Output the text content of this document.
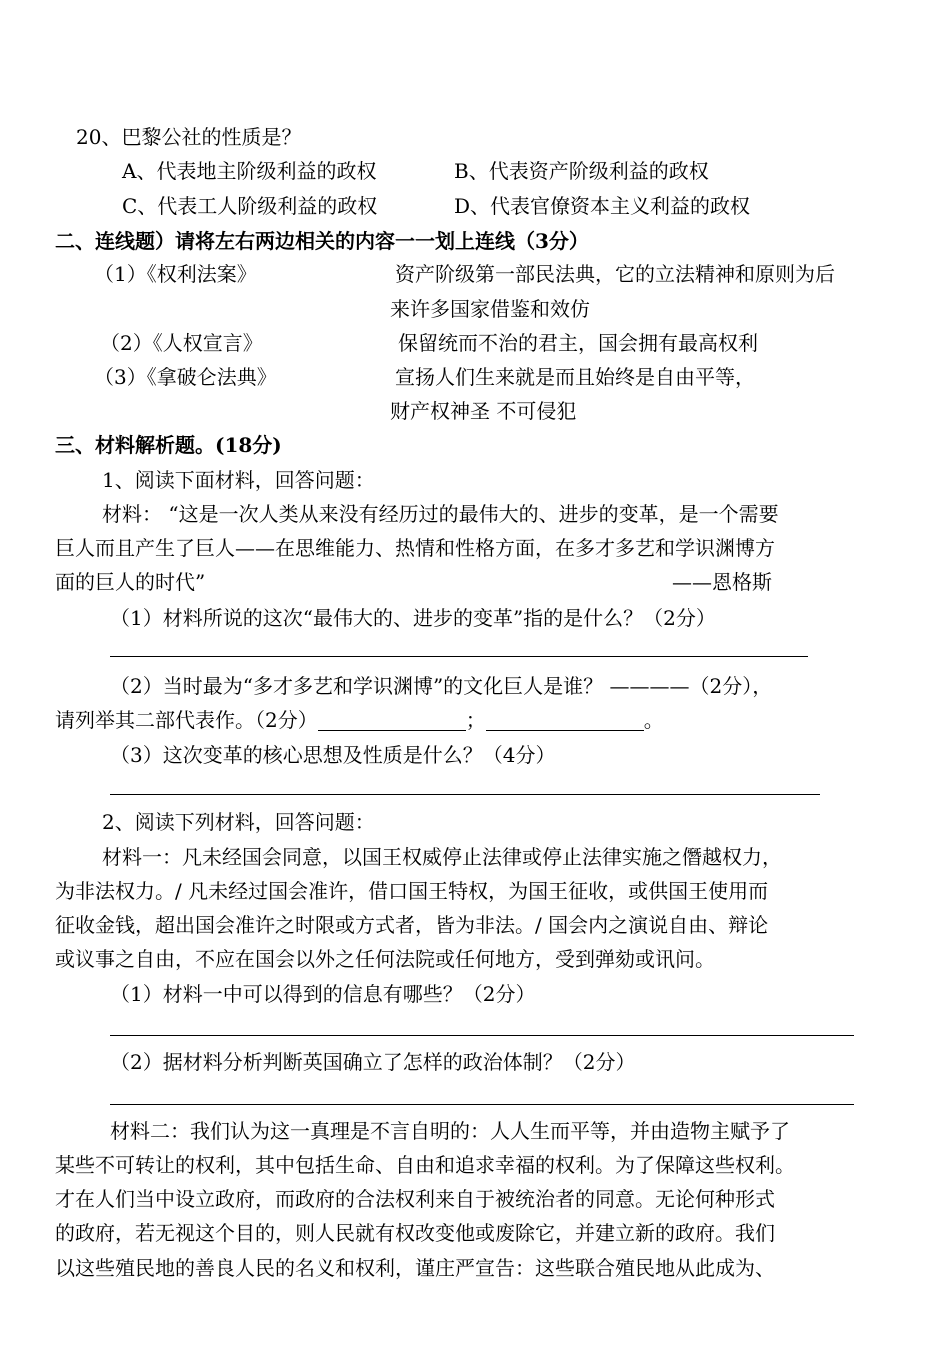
20、巴黎公社的性质是？
A、代表地主阶级利益的政权	B、代表资产阶级利益的政权
C、代表工人阶级利益的政权	D、代表官僚资本主义利益的政权
二、连线题）请将左右两边相关的内容一一划上连线（3分）
（1）《权利法案》	资产阶级第一部民法典，它的立法精神和原则为后
来许多国家借鉴和效仿
（2）《人权宣言》	保留统而不治的君主，国会拥有最高权利
（3）《拿破仑法典》	宣扬人们生来就是而且始终是自由平等，
财产权神圣 不可侵犯
三、材料解析题。(18分)
1、阅读下面材料，回答问题：
材料： “这是一次人类从来没有经历过的最伟大的、进步的变革，是一个需要
巨人而且产生了巨人——在思维能力、热情和性格方面，在多才多艺和学识渊博方
面的巨人的时代”	——恩格斯
（1）材料所说的这次“最伟大的、进步的变革”指的是什么？（2分）
（2）当时最为“多才多艺和学识渊博”的文化巨人是谁？ ————（2分），
请列举其二部代表作。（2分）	；	。
（3）这次变革的核心思想及性质是什么？（4分）
2、阅读下列材料，回答问题：
材料一：凡未经国会同意，以国王权威停止法律或停止法律实施之僭越权力，
为非法权力。/ 凡未经过国会准许，借口国王特权，为国王征收，或供国王使用而
征收金钱，超出国会准许之时限或方式者，皆为非法。/ 国会内之演说自由、辩论
或议事之自由，不应在国会以外之任何法院或任何地方，受到弹劾或讯问。
（1）材料一中可以得到的信息有哪些？（2分）
（2）据材料分析判断英国确立了怎样的政治体制？（2分）
材料二：我们认为这一真理是不言自明的：人人生而平等，并由造物主赋予了
某些不可转让的权利，其中包括生命、自由和追求幸福的权利。为了保障这些权利。
才在人们当中设立政府，而政府的合法权利来自于被统治者的同意。无论何种形式
的政府，若无视这个目的，则人民就有权改变他或废除它，并建立新的政府。我们
以这些殖民地的善良人民的名义和权利，谨庄严宣告：这些联合殖民地从此成为、
